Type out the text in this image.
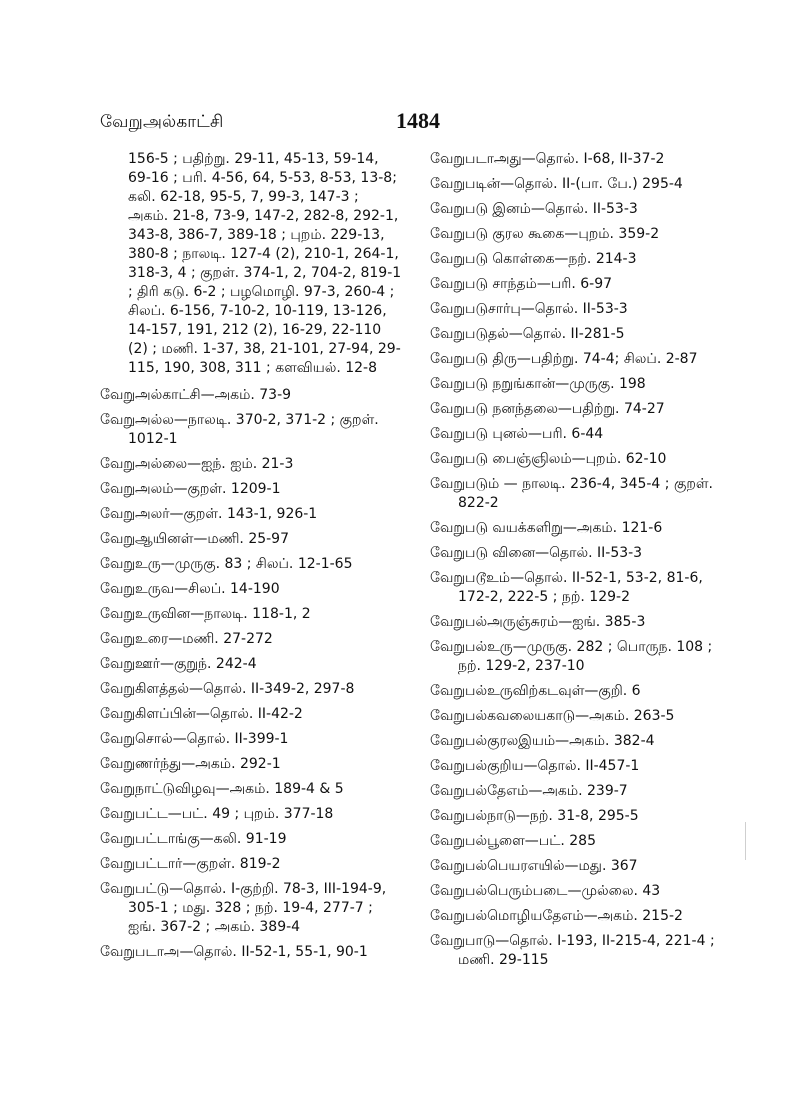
வேறுஅல்காட்சி	1484

156-5 ; பதிற்று. 29-11, 45-13, 59-14, 69-16 ; பரி. 4-56, 64, 5-53, 8-53, 13-8; கலி. 62-18, 95-5, 7, 99-3, 147-3 ; அகம். 21-8, 73-9, 147-2, 282-8, 292-1, 343-8, 386-7, 389-18 ; புறம். 229-13, 380-8 ; நாலடி. 127-4 (2), 210-1, 264-1, 318-3, 4 ; குறள். 374-1, 2, 704-2, 819-1 ; திரி கடு. 6-2 ; பழமொழி. 97-3, 260-4 ; சிலப். 6-156, 7-10-2, 10-119, 13-126, 14-157, 191, 212 (2), 16-29, 22-110 (2) ; மணி. 1-37, 38, 21-101, 27-94, 29-115, 190, 308, 311 ; களவியல். 12-8

வேறுஅல்காட்சி—அகம். 73-9

வேறுஅல்ல—நாலடி. 370-2, 371-2 ; குறள். 1012-1

வேறுஅல்லை—ஐந். ஐம். 21-3

வேறுஅலம்—குறள். 1209-1

வேறுஅலர்—குறள். 143-1, 926-1

வேறுஆயினள்—மணி. 25-97

வேறுஉரு—முருகு. 83 ; சிலப். 12-1-65

வேறுஉருவ—சிலப். 14-190

வேறுஉருவின—நாலடி. 118-1, 2

வேறுஉரை—மணி. 27-272

வேறுஊர்—குறுந். 242-4

வேறுகிளத்தல்—தொல். II-349-2, 297-8

வேறுகிளப்பின்—தொல். II-42-2

வேறுசொல்—தொல். II-399-1

வேறுணர்ந்து—அகம். 292-1

வேறுநாட்டுவிழவு—அகம். 189-4 & 5

வேறுபட்ட—பட். 49 ; புறம். 377-18

வேறுபட்டாங்கு—கலி. 91-19

வேறுபட்டார்—குறள். 819-2

வேறுபட்டு—தொல். I-குற்றி. 78-3, III-194-9, 305-1 ; மது. 328 ; நற். 19-4, 277-7 ; ஐங். 367-2 ; அகம். 389-4

வேறுபடாஅ—தொல். II-52-1, 55-1, 90-1

வேறுபடாஅது—தொல். I-68, II-37-2

வேறுபடின்—தொல். II-(பா. பே.) 295-4

வேறுபடு இனம்—தொல். II-53-3

வேறுபடு குரல கூகை—புறம். 359-2

வேறுபடு கொள்கை—நற். 214-3

வேறுபடு சாந்தம்—பரி. 6-97

வேறுபடுசார்பு—தொல். II-53-3

வேறுபடுதல்—தொல். II-281-5

வேறுபடு திரு—பதிற்று. 74-4; சிலப். 2-87

வேறுபடு நறுங்கான்—முருகு. 198

வேறுபடு நனந்தலை—பதிற்று. 74-27

வேறுபடு புனல்—பரி. 6-44

வேறுபடு பைஞ்ஞிலம்—புறம். 62-10

வேறுபடும் — நாலடி. 236-4, 345-4 ; குறள். 822-2

வேறுபடு வயக்களிறு—அகம். 121-6

வேறுபடு வினை—தொல். II-53-3

வேறுபடூஉம்—தொல். II-52-1, 53-2, 81-6, 172-2, 222-5 ; நற். 129-2

வேறுபல்அருஞ்சுரம்—ஐங். 385-3

வேறுபல்உரு—முருகு. 282 ; பொருந. 108 ; நற். 129-2, 237-10

வேறுபல்உருவிற்கடவுள்—குறி. 6

வேறுபல்கவலையகாடு—அகம். 263-5

வேறுபல்குரலஇயம்—அகம். 382-4

வேறுபல்குறிய—தொல். II-457-1

வேறுபல்தேஎம்—அகம். 239-7

வேறுபல்நாடு—நற். 31-8, 295-5

வேறுபல்பூளை—பட். 285

வேறுபல்பெயரஎயில்—மது. 367

வேறுபல்பெரும்படை—முல்லை. 43

வேறுபல்மொழியதேஎம்—அகம். 215-2

வேறுபாடு—தொல். I-193, II-215-4, 221-4 ; மணி. 29-115
